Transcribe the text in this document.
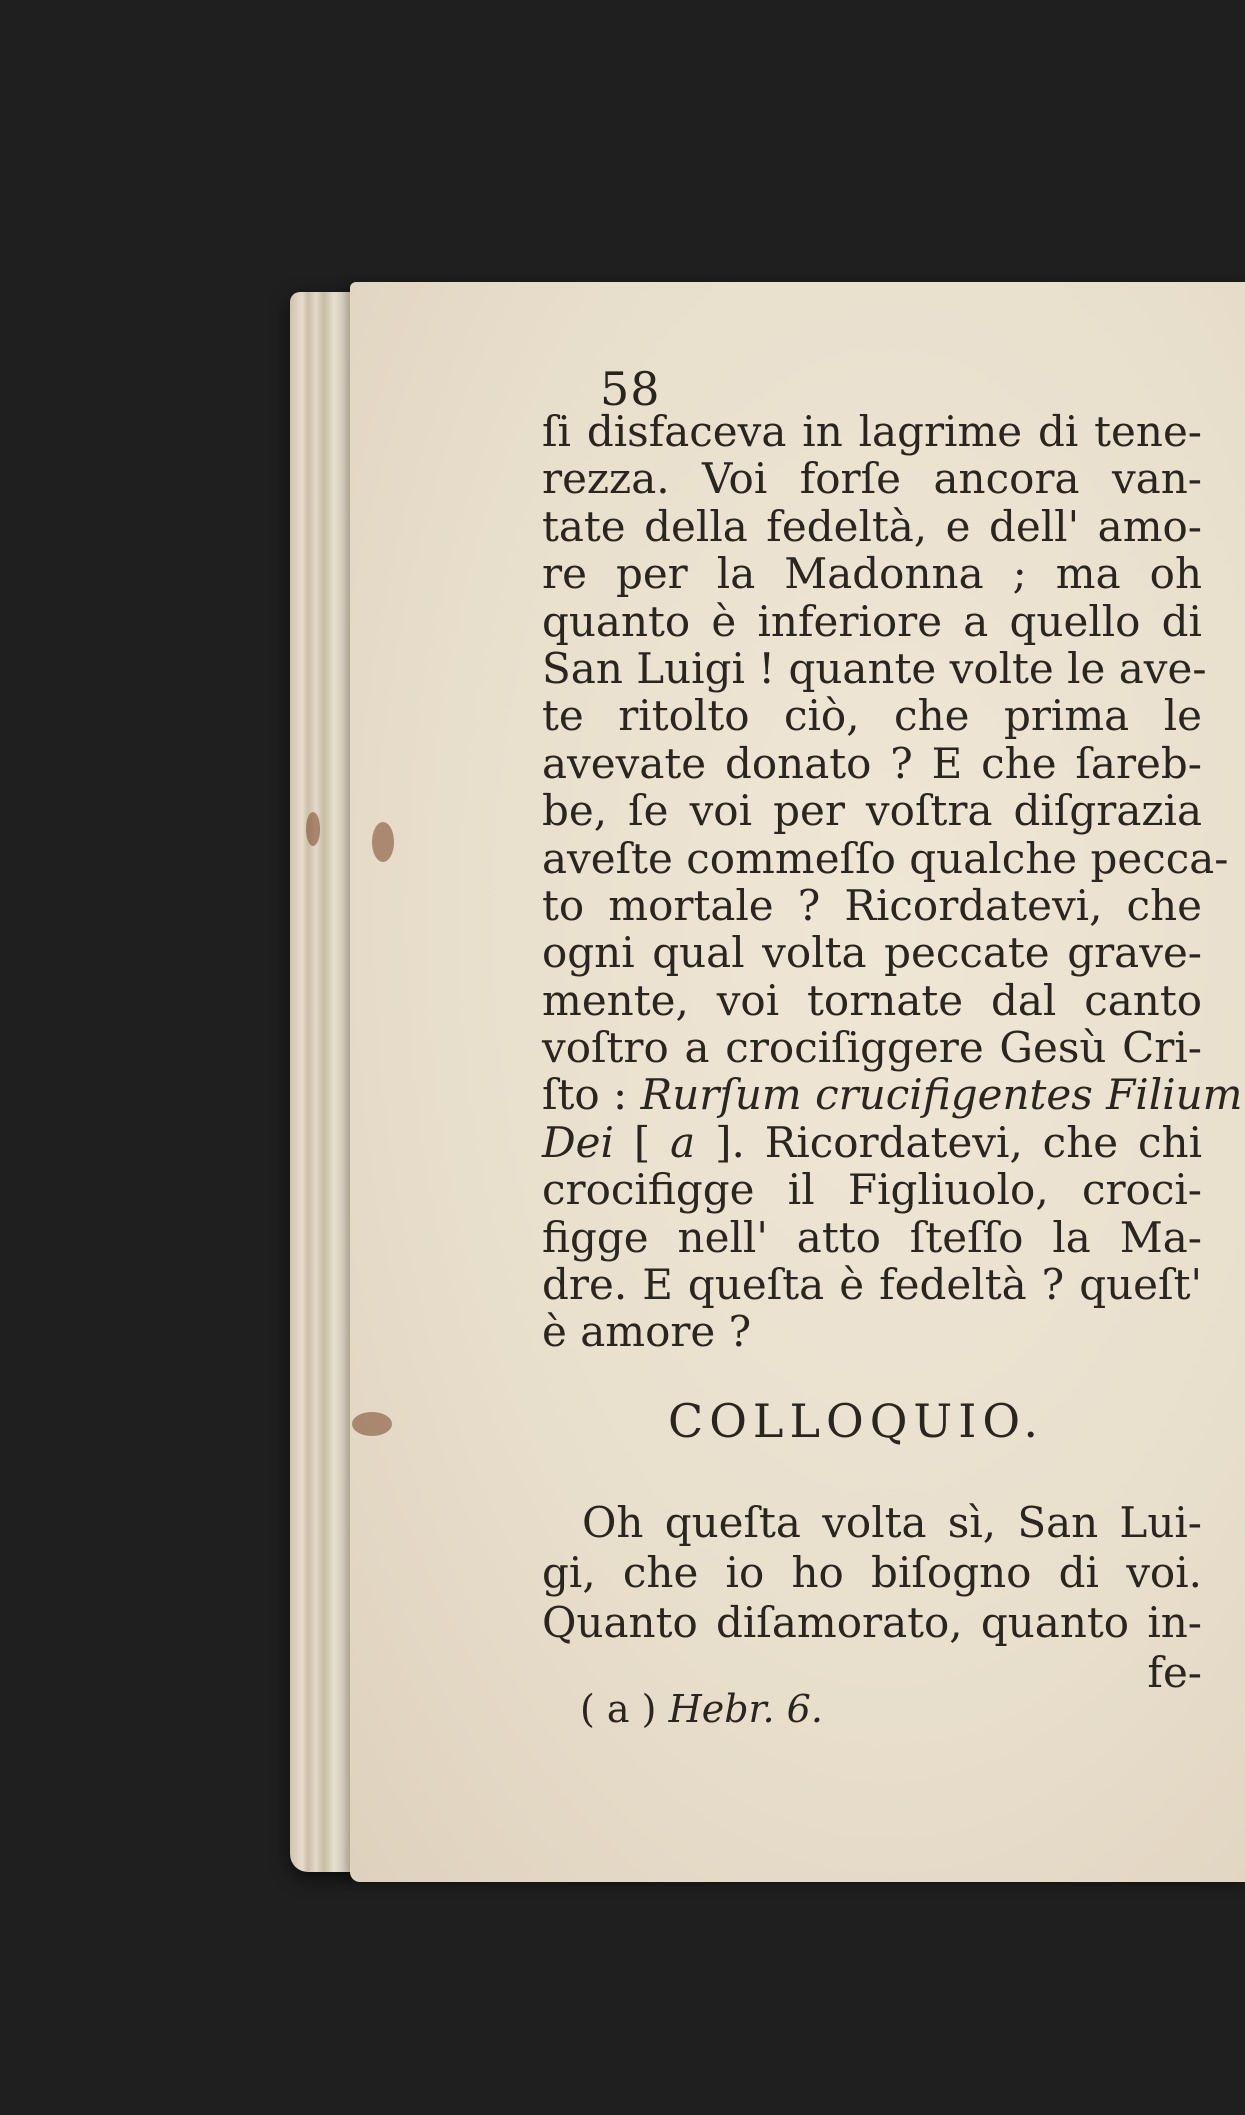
58
ſi disfaceva in lagrime di tene-
rezza. Voi forſe ancora van-
tate della fedeltà, e dell' amo-
re per la Madonna ; ma oh
quanto è inferiore a quello di
San Luigi ! quante volte le ave-
te ritolto ciò, che prima le
avevate donato ? E che ſareb-
be, ſe voi per voſtra diſgrazia
aveſte commeſſo qualche pecca-
to mortale ? Ricordatevi, che
ogni qual volta peccate grave-
mente, voi tornate dal canto
voſtro a crociſiggere Gesù Cri-
ſto : Rurſum crucifigentes Filium
Dei [ a ]. Ricordatevi, che chi
crocifigge il Figliuolo, croci-
figge nell' atto ſteſſo la Ma-
dre. E queſta è fedeltà ? queſt'
è amore ?
COLLOQUIO.
Oh queſta volta sì, San Lui-
gi, che io ho biſogno di voi.
Quanto diſamorato, quanto in-
fe-
( a ) Hebr. 6.
